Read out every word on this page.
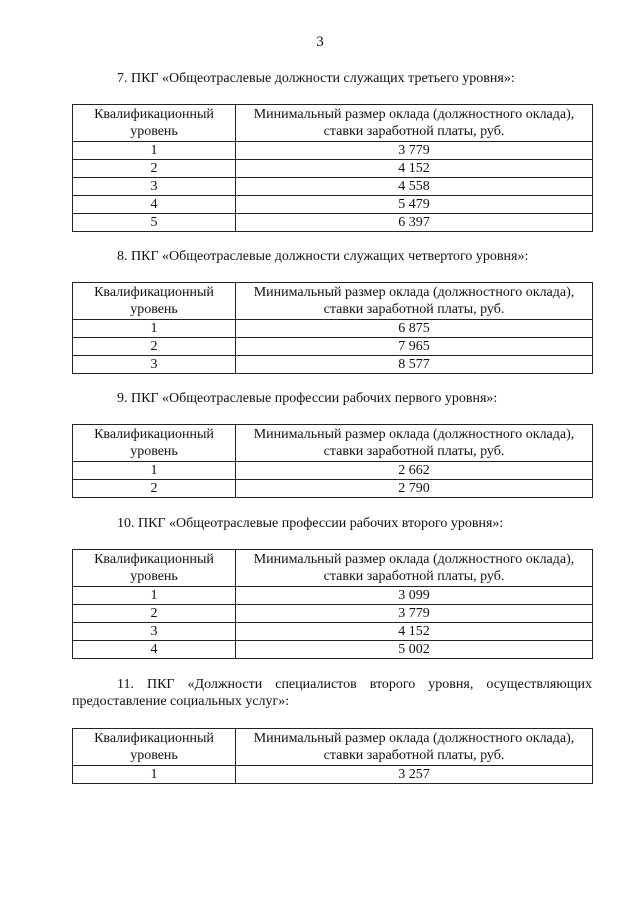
3
7. ПКГ «Общеотраслевые должности служащих третьего уровня»:
Квалификационный уровень	Минимальный размер оклада (должностного оклада), ставки заработной платы, руб.
1	3 779
2	4 152
3	4 558
4	5 479
5	6 397
8. ПКГ «Общеотраслевые должности служащих четвертого уровня»:
Квалификационный уровень	Минимальный размер оклада (должностного оклада), ставки заработной платы, руб.
1	6 875
2	7 965
3	8 577
9. ПКГ «Общеотраслевые профессии рабочих первого уровня»:
Квалификационный уровень	Минимальный размер оклада (должностного оклада), ставки заработной платы, руб.
1	2 662
2	2 790
10. ПКГ «Общеотраслевые профессии рабочих второго уровня»:
Квалификационный уровень	Минимальный размер оклада (должностного оклада), ставки заработной платы, руб.
1	3 099
2	3 779
3	4 152
4	5 002
11. ПКГ «Должности специалистов второго уровня, осуществляющих предоставление социальных услуг»:
Квалификационный уровень	Минимальный размер оклада (должностного оклада), ставки заработной платы, руб.
1	3 257
